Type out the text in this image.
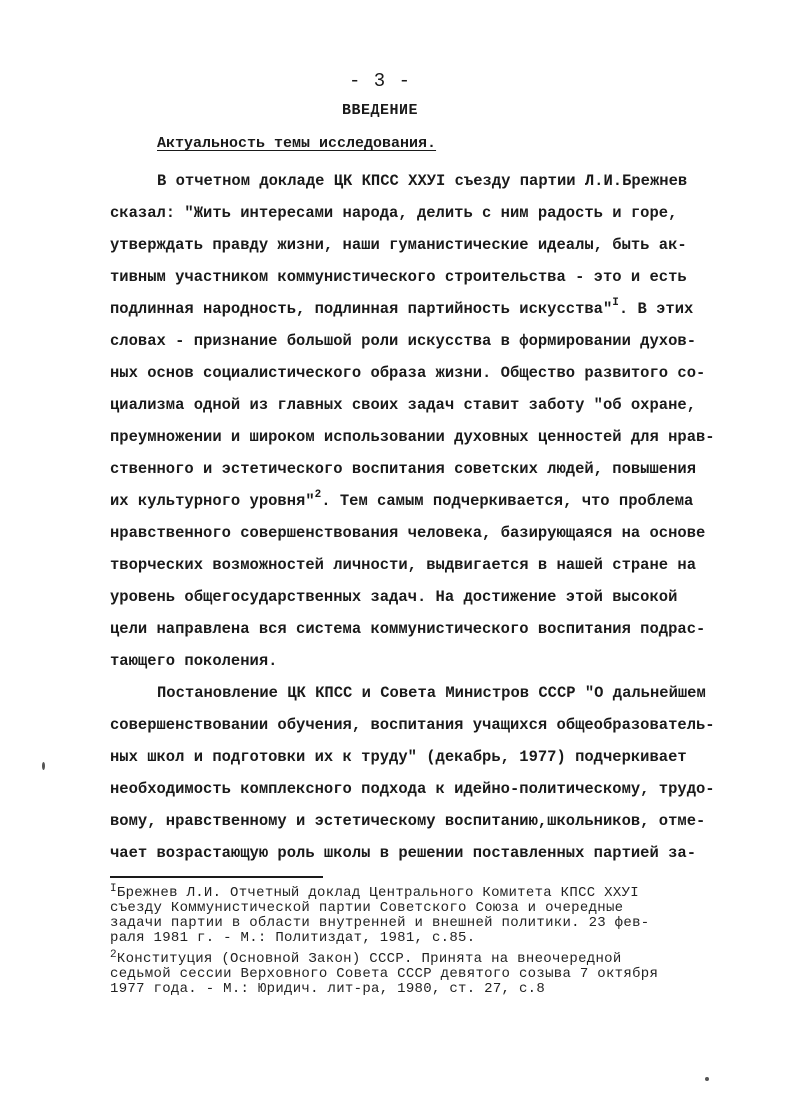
- 3 -
ВВЕДЕНИЕ
Актуальность темы исследования.
В отчетном докладе ЦК КПСС XXУI съезду партии Л.И.Брежнев
сказал: "Жить интересами народа, делить с ним радость и горе,
утверждать правду жизни, наши гуманистические идеалы, быть ак-
тивным участником коммунистического строительства - это и есть
подлинная народность, подлинная партийность искусства"$^I$. В этих
словах - признание большой роли искусства в формировании духов-
ных основ социалистического образа жизни. Общество развитого со-
циализма одной из главных своих задач ставит заботу "об охране,
преумножении и широком использовании духовных ценностей для нрав-
ственного и эстетического воспитания советских людей, повышения
их культурного уровня"$^2$. Тем самым подчеркивается, что проблема
нравственного совершенствования человека, базирующаяся на основе
творческих возможностей личности, выдвигается в нашей стране на
уровень общегосударственных задач. На достижение этой высокой
цели направлена вся система коммунистического воспитания подрас-
тающего поколения.
Постановление ЦК КПСС и Совета Министров СССР "О дальнейшем
совершенствовании обучения, воспитания учащихся общеобразователь-
ных школ и подготовки их к труду" (декабрь, 1977) подчеркивает
необходимость комплексного подхода к идейно-политическому, трудо-
вому, нравственному и эстетическому воспитанию,школьников, отме-
чает возрастающую роль школы в решении поставленных партией за-
$^I$Брежнев Л.И. Отчетный доклад Центрального Комитета КПСС XXУI
съезду Коммунистической партии Советского Союза и очередные
задачи партии в области внутренней и внешней политики. 23 фев-
раля 1981 г. - М.: Политиздат, 1981, с.85.
$^2$Конституция (Основной Закон) СССР. Принята на внеочередной
седьмой сессии Верховного Совета СССР девятого созыва 7 октября
1977 года. - М.: Юридич. лит-ра, 1980, ст. 27, с.8
